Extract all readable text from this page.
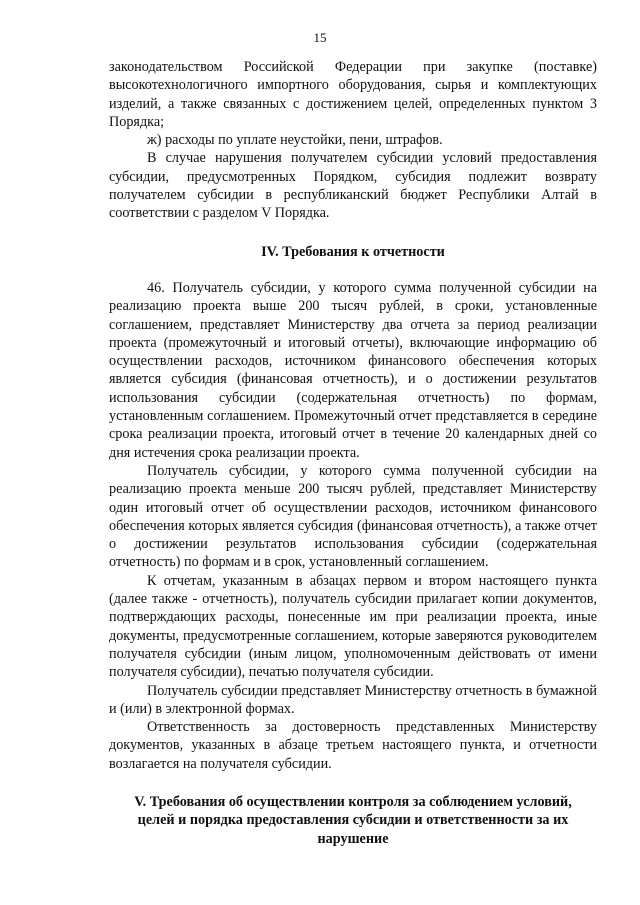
15

законодательством Российской Федерации при закупке (поставке) высокотехнологичного импортного оборудования, сырья и комплектующих изделий, а также связанных с достижением целей, определенных пунктом 3 Порядка;

ж) расходы по уплате неустойки, пени, штрафов.

В случае нарушения получателем субсидии условий предоставления субсидии, предусмотренных Порядком, субсидия подлежит возврату получателем субсидии в республиканский бюджет Республики Алтай в соответствии с разделом V Порядка.

IV. Требования к отчетности

46. Получатель субсидии, у которого сумма полученной субсидии на реализацию проекта выше 200 тысяч рублей, в сроки, установленные соглашением, представляет Министерству два отчета за период реализации проекта (промежуточный и итоговый отчеты), включающие информацию об осуществлении расходов, источником финансового обеспечения которых является субсидия (финансовая отчетность), и о достижении результатов использования субсидии (содержательная отчетность) по формам, установленным соглашением. Промежуточный отчет представляется в середине срока реализации проекта, итоговый отчет в течение 20 календарных дней со дня истечения срока реализации проекта.

Получатель субсидии, у которого сумма полученной субсидии на реализацию проекта меньше 200 тысяч рублей, представляет Министерству один итоговый отчет об осуществлении расходов, источником финансового обеспечения которых является субсидия (финансовая отчетность), а также отчет о достижении результатов использования субсидии (содержательная отчетность) по формам и в срок, установленный соглашением.

К отчетам, указанным в абзацах первом и втором настоящего пункта (далее также - отчетность), получатель субсидии прилагает копии документов, подтверждающих расходы, понесенные им при реализации проекта, иные документы, предусмотренные соглашением, которые заверяются руководителем получателя субсидии (иным лицом, уполномоченным действовать от имени получателя субсидии), печатью получателя субсидии.

Получатель субсидии представляет Министерству отчетность в бумажной и (или) в электронной формах.

Ответственность за достоверность представленных Министерству документов, указанных в абзаце третьем настоящего пункта, и отчетности возлагается на получателя субсидии.

V. Требования об осуществлении контроля за соблюдением условий, целей и порядка предоставления субсидии и ответственности за их нарушение
